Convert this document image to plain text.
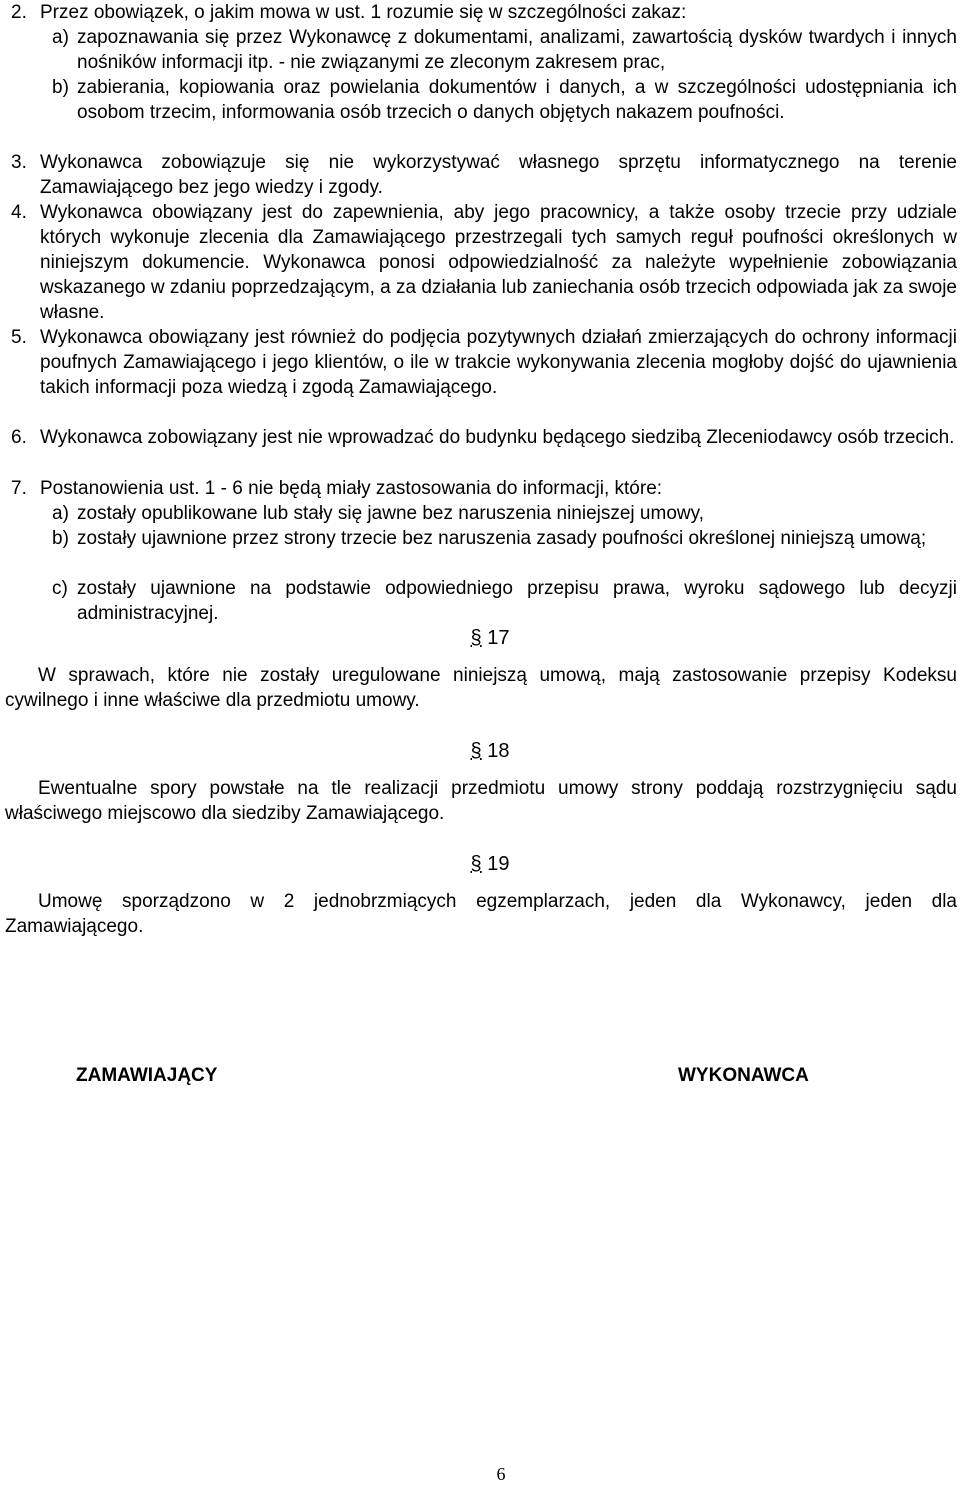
2. Przez obowiązek, o jakim mowa w ust. 1 rozumie się w szczególności zakaz:
a) zapoznawania się przez Wykonawcę z dokumentami, analizami, zawartością dysków twardych i innych nośników informacji itp. - nie związanymi ze zleconym zakresem prac,
b) zabierania, kopiowania oraz powielania dokumentów i danych, a w szczególności udostępniania ich osobom trzecim, informowania osób trzecich o danych objętych nakazem poufności.
3. Wykonawca zobowiązuje się nie wykorzystywać własnego sprzętu informatycznego na terenie Zamawiającego bez jego wiedzy i zgody.
4. Wykonawca obowiązany jest do zapewnienia, aby jego pracownicy, a także osoby trzecie przy udziale których wykonuje zlecenia dla Zamawiającego przestrzegali tych samych reguł poufności określonych w niniejszym dokumencie. Wykonawca ponosi odpowiedzialność za należyte wypełnienie zobowiązania wskazanego w zdaniu poprzedzającym, a za działania lub zaniechania osób trzecich odpowiada jak za swoje własne.
5. Wykonawca obowiązany jest również do podjęcia pozytywnych działań zmierzających do ochrony informacji poufnych Zamawiającego i jego klientów, o ile w trakcie wykonywania zlecenia mogłoby dojść do ujawnienia takich informacji poza wiedzą i zgodą Zamawiającego.
6. Wykonawca zobowiązany jest nie wprowadzać do budynku będącego siedzibą Zleceniodawcy osób trzecich.
7. Postanowienia ust. 1 - 6 nie będą miały zastosowania do informacji, które:
a) zostały opublikowane lub stały się jawne bez naruszenia niniejszej umowy,
b) zostały ujawnione przez strony trzecie bez naruszenia zasady poufności określonej niniejszą umową;
c) zostały ujawnione na podstawie odpowiedniego przepisu prawa, wyroku sądowego lub decyzji administracyjnej.
§ 17
W sprawach, które nie zostały uregulowane niniejszą umową, mają zastosowanie przepisy Kodeksu cywilnego i inne właściwe dla przedmiotu umowy.
§ 18
Ewentualne spory powstałe na tle realizacji przedmiotu umowy strony poddają rozstrzygnięciu sądu właściwego miejscowo dla siedziby Zamawiającego.
§ 19
Umowę sporządzono w 2 jednobrzmiących egzemplarzach, jeden dla Wykonawcy, jeden dla Zamawiającego.
ZAMAWIAJĄCY	WYKONAWCA
6
